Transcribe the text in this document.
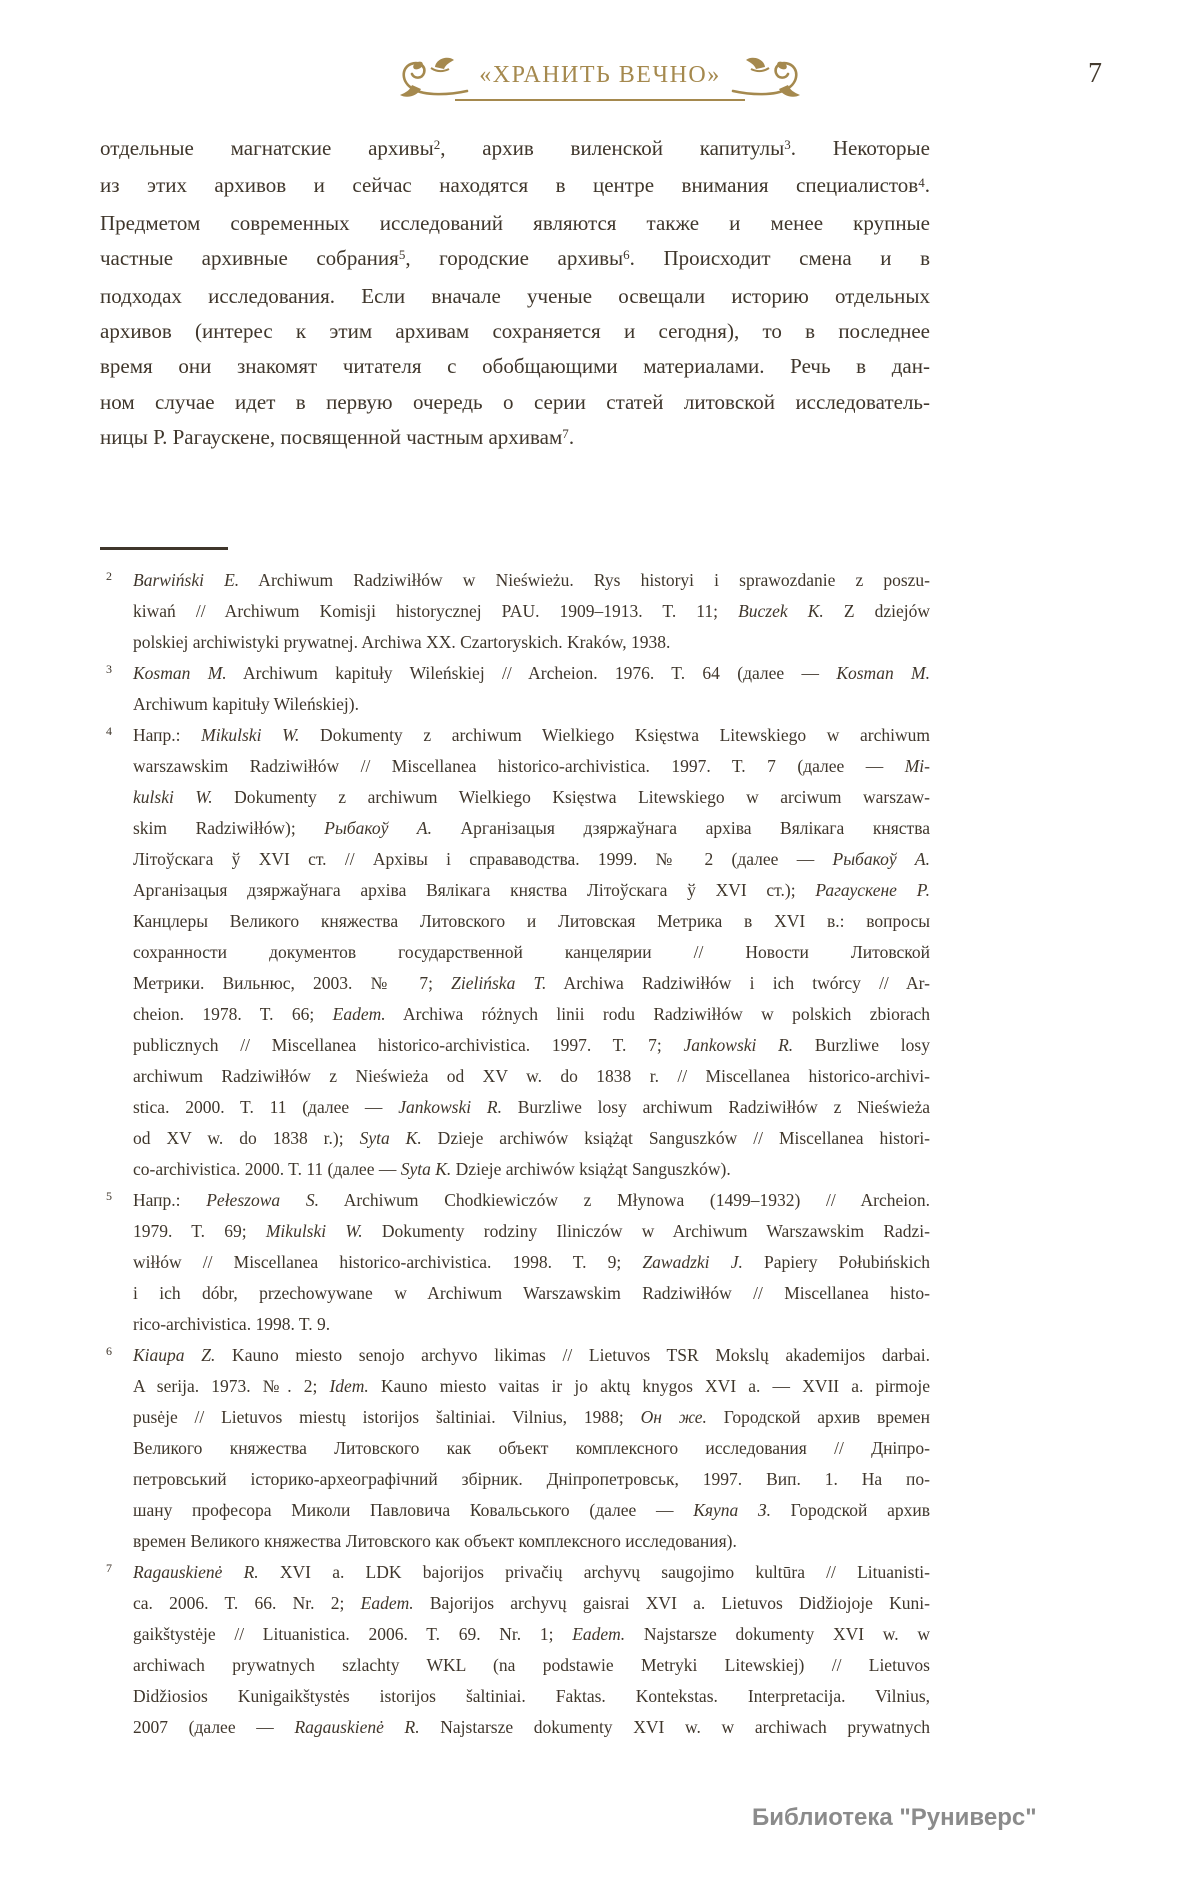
«ХРАНИТЬ ВЕЧНО»	7
отдельные магнатские архивы$^2$, архив виленской капитулы$^3$. Некоторые
из этих архивов и сейчас находятся в центре внимания специалистов$^4$.
Предметом современных исследований являются также и менее крупные
частные архивные собрания$^5$, городские архивы$^6$. Происходит смена и в
подходах исследования. Если вначале ученые освещали историю отдельных
архивов (интерес к этим архивам сохраняется и сегодня), то в последнее
время они знакомят читателя с обобщающими материалами. Речь в дан-
ном случае идет в первую очередь о серии статей литовской исследователь-
ницы Р. Рагаускене, посвященной частным архивам$^7$.
2 Barwiński E. Archiwum Radziwiłłów w Nieświeżu. Rys historyi i sprawozdanie z poszu-
kiwań // Archiwum Komisji historycznej PAU. 1909–1913. T. 11; Buczek K. Z dziejów
polskiej archiwistyki prywatnej. Archiwa XX. Czartoryskich. Kraków, 1938.
3 Kosman M. Archiwum kapituły Wileńskiej // Archeion. 1976. T. 64 (далее — Kosman M.
Archiwum kapituły Wileńskiej).
4 Напр.: Mikulski W. Dokumenty z archiwum Wielkiego Księstwa Litewskiego w archiwum
warszawskim Radziwiłłów // Miscellanea historico-archivistica. 1997. T. 7 (далее — Mi-
kulski W. Dokumenty z archiwum Wielkiego Księstwa Litewskiego w arciwum warszaw-
skim Radziwiłłów); Рыбакоў А. Арганізацыя дзяржаўнага архіва Вялікага княства
Літоўскага ў XVI ст. // Архівы і справаводства. 1999. № 2 (далее — Рыбакоў А.
Арганізацыя дзяржаўнага архіва Вялікага княства Літоўскага ў XVI ст.); Рагаускене Р.
Канцлеры Великого княжества Литовского и Литовская Метрика в XVI в.: вопросы
сохранности документов государственной канцелярии // Новости Литовской
Метрики. Вильнюс, 2003. № 7; Zielińska T. Archiwa Radziwiłłów i ich twórcy // Ar-
cheion. 1978. T. 66; Eadem. Archiwa różnych linii rodu Radziwiłłów w polskich zbiorach
publicznych // Miscellanea historico-archivistica. 1997. T. 7; Jankowski R. Burzliwe losy
archiwum Radziwiłłów z Nieświeża od XV w. do 1838 r. // Miscellanea historico-archivi-
stica. 2000. T. 11 (далее — Jankowski R. Burzliwe losy archiwum Radziwiłłów z Nieświeża
od XV w. do 1838 r.); Syta K. Dzieje archiwów książąt Sanguszków // Miscellanea histori-
co-archivistica. 2000. T. 11 (далее — Syta K. Dzieje archiwów książąt Sanguszków).
5 Напр.: Pełeszowa S. Archiwum Chodkiewiczów z Młynowa (1499–1932) // Archeion.
1979. T. 69; Mikulski W. Dokumenty rodziny Iliniczów w Archiwum Warszawskim Radzi-
wiłłów // Miscellanea historico-archivistica. 1998. T. 9; Zawadzki J. Papiery Połubińskich
i ich dóbr, przechowywane w Archiwum Warszawskim Radziwiłłów // Miscellanea histo-
rico-archivistica. 1998. T. 9.
6 Kiaupa Z. Kauno miesto senojo archyvo likimas // Lietuvos TSR Mokslų akademijos darbai.
A serija. 1973. №. 2; Idem. Kauno miesto vaitas ir jo aktų knygos XVI a. — XVII a. pirmoje
pusėje // Lietuvos miestų istorijos šaltiniai. Vilnius, 1988; Он же. Городской архив времен
Великого княжества Литовского как объект комплексного исследования // Дніпро-
петровський історико-археографічний збірник. Дніпропетровськ, 1997. Вип. 1. На по-
шану професора Миколи Павловича Ковальського (далее — Кяупа З. Городской архив
времен Великого княжества Литовского как объект комплексного исследования).
7 Ragauskienė R. XVI a. LDK bajorijos privačių archyvų saugojimo kultūra // Lituanisti-
ca. 2006. T. 66. Nr. 2; Eadem. Bajorijos archyvų gaisrai XVI a. Lietuvos Didžiojoje Kuni-
gaikštystėje // Lituanistica. 2006. T. 69. Nr. 1; Eadem. Najstarsze dokumenty XVI w. w
archiwach prywatnych szlachty WKL (na podstawie Metryki Litewskiej) // Lietuvos
Didžiosios Kunigaikštystės istorijos šaltiniai. Faktas. Kontekstas. Interpretacija. Vilnius,
2007 (далее — Ragauskienė R. Najstarsze dokumenty XVI w. w archiwach prywatnych
Библиотека "Руниверс"
